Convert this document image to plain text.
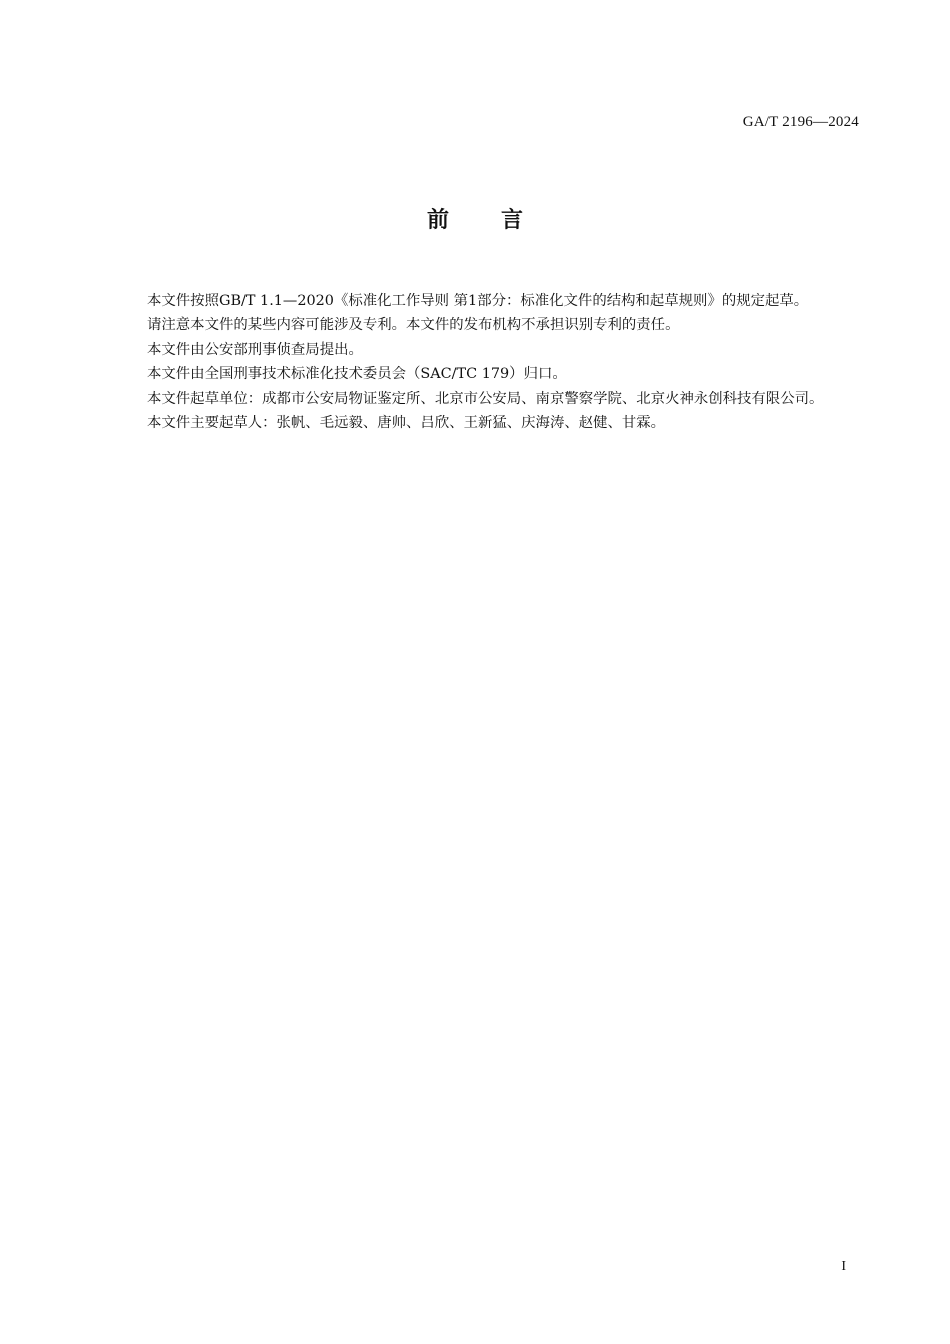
GA/T 2196—2024
前言

本文件按照GB/T 1.1—2020《标准化工作导则 第1部分：标准化文件的结构和起草规则》的规定起草。

请注意本文件的某些内容可能涉及专利。本文件的发布机构不承担识别专利的责任。

本文件由公安部刑事侦查局提出。

本文件由全国刑事技术标准化技术委员会（SAC/TC 179）归口。

本文件起草单位：成都市公安局物证鉴定所、北京市公安局、南京警察学院、北京火神永创科技有限公司。

本文件主要起草人：张帆、毛远毅、唐帅、吕欣、王新猛、庆海涛、赵健、甘霖。

I
